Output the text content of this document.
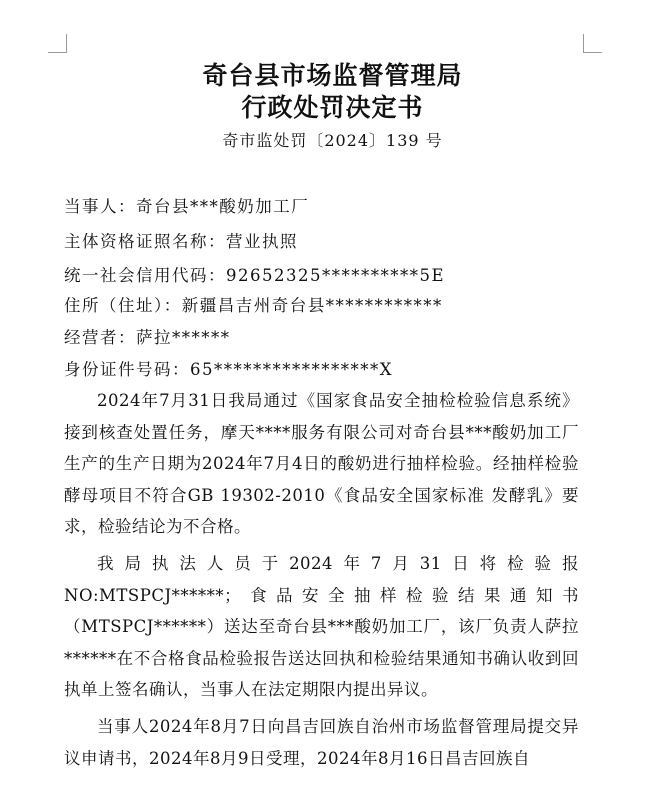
奇台县市场监督管理局
行政处罚决定书
奇市监处罚〔2024〕139 号
当事人：奇台县***酸奶加工厂
主体资格证照名称：营业执照
统一社会信用代码：92652325**********5E
住所（住址）：新疆昌吉州奇台县************
经营者：萨拉******
身份证件号码：65*****************X

2024年7月31日我局通过《国家食品安全抽检检验信息系统》接到核查处置任务，摩天****服务有限公司对奇台县***酸奶加工厂生产的生产日期为2024年7月4日的酸奶进行抽样检验。经抽样检验酵母项目不符合GB 19302-2010《食品安全国家标准 发酵乳》要求，检验结论为不合格。

我局执法人员于2024年7月31日将检验报NO:MTSPCJ******；食品安全抽样检验结果通知书（MTSPCJ******）送达至奇台县***酸奶加工厂，该厂负责人萨拉******在不合格食品检验报告送达回执和检验结果通知书确认收到回执单上签名确认，当事人在法定期限内提出异议。

当事人2024年8月7日向昌吉回族自治州市场监督管理局提交异议申请书，2024年8月9日受理，2024年8月16日昌吉回族自
